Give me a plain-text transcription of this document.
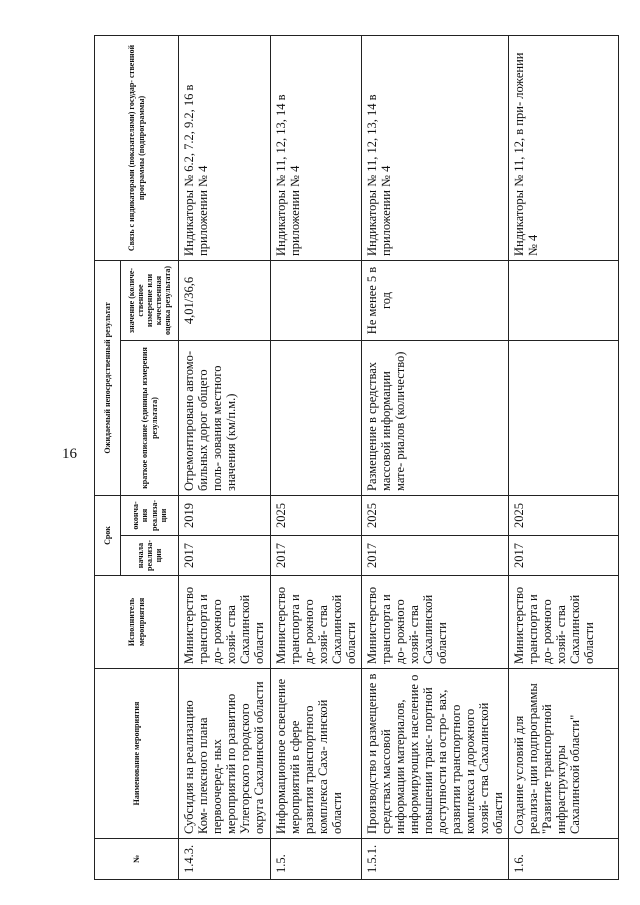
16
№	Наименование мероприятия	Исполнитель мероприятия	Срок		Ожидаемый непосредственный результат		Связь с индикаторами (показателями) государ- ственной программы (подпрограммы)
			начала реализа- ции	оконча- ния реализа- ции	краткое описание (единицы измерения результата)	значение (количе- ственное измерение или качественная оценка результата)	
1.4.3.	Субсидия на реализацию Ком- плексного плана первоочеред- ных мероприятий по развитию Углегорского городского округа Сахалинской области	Министерство транспорта и до- рожного хозяй- ства Сахалинской области	2017	2019	Отремонтировано автомо- бильных дорог общего поль- зования местного значения (км/п.м.)	4,01/36,6	Индикаторы № 6.2, 7.2, 9.2, 16 в приложении № 4
1.5.	Информационное освещение мероприятий в сфере развития транспортного комплекса Саха- линской области	Министерство транспорта и до- рожного хозяй- ства Сахалинской области	2017	2025			Индикаторы № 11, 12, 13, 14 в приложении № 4
1.5.1.	Производство и размещение в средствах массовой информации материалов, информирующих население о повышении транс- портной доступности на остро- вах, развитии транспортного комплекса и дорожного хозяй- ства Сахалинской области	Министерство транспорта и до- рожного хозяй- ства Сахалинской области	2017	2025	Размещение в средствах массовой информации мате- риалов (количество)	Не менее 5 в год	Индикаторы № 11, 12, 13, 14 в приложении № 4
1.6.	Создание условий для реализа- ции подпрограммы "Развитие транспортной инфраструктуры Сахалинской области"	Министерство транспорта и до- рожного хозяй- ства Сахалинской области	2017	2025			Индикаторы № 11, 12, в при- ложении № 4
